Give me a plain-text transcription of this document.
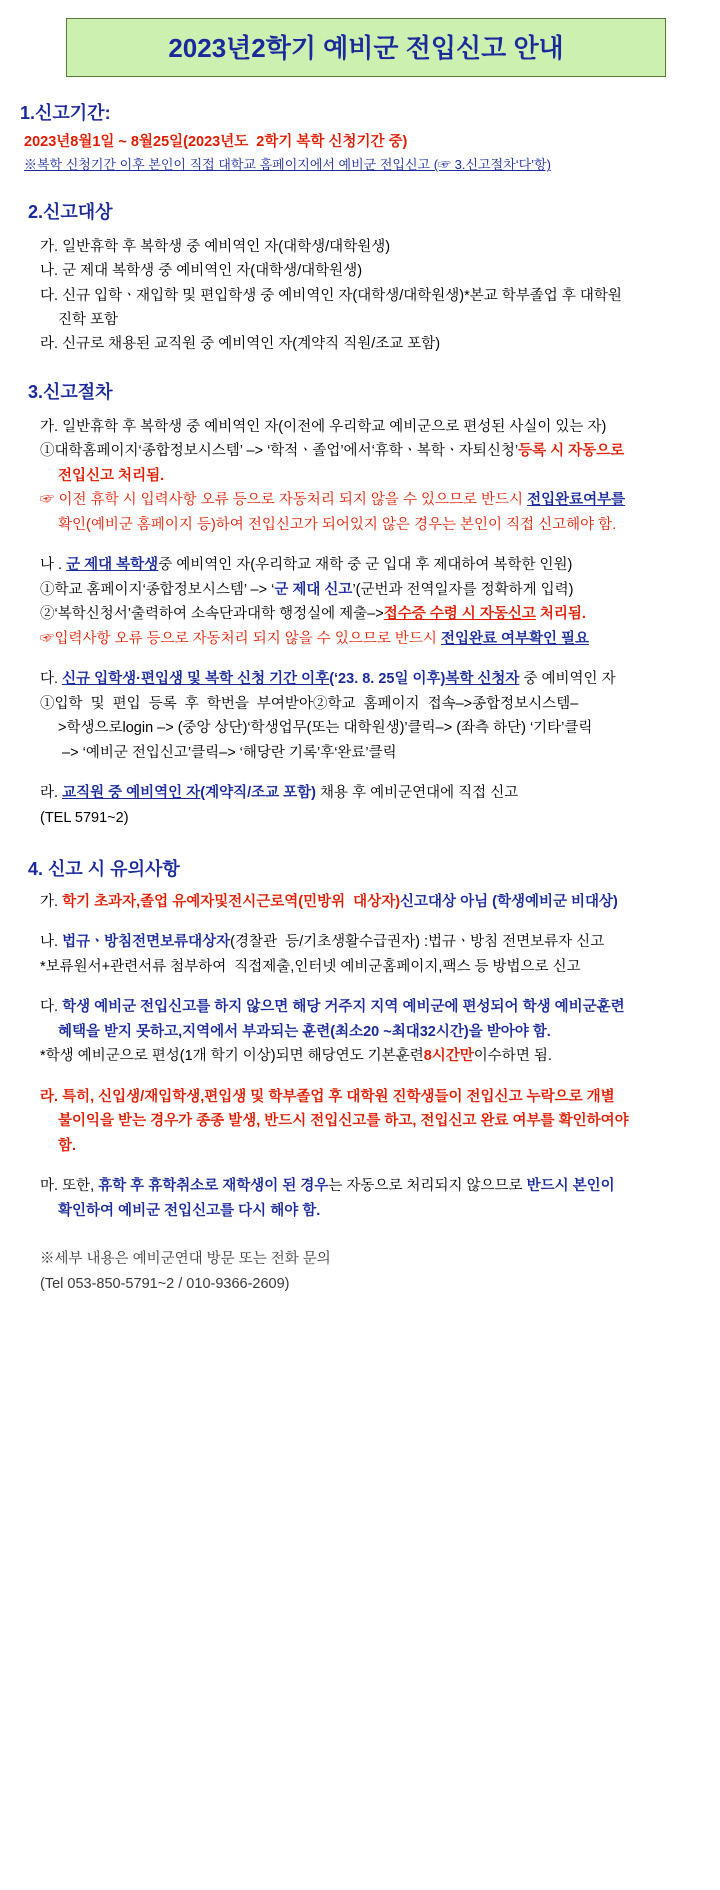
2023년2학기 예비군 전입신고 안내
1.신고기간:
2023년8월1일 ~ 8월25일(2023년도  2학기 복학 신청기간 중)
※복학 신청기간 이후 본인이 직접 대학교 홈페이지에서 예비군 전입신고 (☞ 3.신고절차‘다’항)
2.신고대상
가. 일반휴학 후 복학생 중 예비역인 자(대학생/대학원생)
나. 군 제대 복학생 중 예비역인 자(대학생/대학원생)
다. 신규 입학ㆍ재입학 및 편입학생 중 예비역인 자(대학생/대학원생)*본교 학부졸업 후 대학원
진학 포함
라. 신규로 채용된 교직원 중 예비역인 자(계약직 직원/조교 포함)
3.신고절차
가. 일반휴학 후 복학생 중 예비역인 자(이전에 우리학교 예비군으로 편성된 사실이 있는 자)
①대학홈페이지‘종합정보시스템’ –> ‘학적ㆍ졸업’에서‘휴학ㆍ복학ㆍ자퇴신청’등록 시 자동으로
전입신고 처리됨.
☞ 이전 휴학 시 입력사항 오류 등으로 자동처리 되지 않을 수 있으므로 반드시 전입완료여부를
확인(예비군 홈페이지 등)하여 전입신고가 되어있지 않은 경우는 본인이 직접 신고해야 함.
나 . 군 제대 복학생중 예비역인 자(우리학교 재학 중 군 입대 후 제대하여 복학한 인원)
①학교 홈페이지‘종합정보시스템’ –> ‘군 제대 신고’(군번과 전역일자를 정확하게 입력)
②‘복학신청서’출력하여 소속단과대학 행정실에 제출–>접수증 수령 시 자동신고 처리됨.
☞입력사항 오류 등으로 자동처리 되지 않을 수 있으므로 반드시 전입완료 여부확인 필요
다. 신규 입학생·편입생 및 복학 신청 기간 이후(‘23. 8. 25일 이후)복학 신청자 중 예비역인 자
①입학  및  편입  등록  후  학번을  부여받아②학교  홈페이지  접속–>종합정보시스템–
>학생으로login –> (중앙 상단)‘학생업무(또는 대학원생)’클릭–> (좌측 하단) ‘기타’클릭
–> ‘예비군 전입신고’클릭–> ‘해당란 기록’후‘완료’클릭
라. 교직원 중 예비역인 자(계약직/조교 포함) 채용 후 예비군연대에 직접 신고
(TEL 5791~2)
4. 신고 시 유의사항
가. 학기 초과자,졸업 유예자및전시근로역(민방위  대상자)신고대상 아님 (학생예비군 비대상)
나. 법규ㆍ방침전면보류대상자(경찰관  등/기초생활수급권자) :법규ㆍ방침 전면보류자 신고
*보류원서+관련서류 첨부하여  직접제출,인터넷 예비군홈페이지,팩스 등 방법으로 신고
다. 학생 예비군 전입신고를 하지 않으면 해당 거주지 지역 예비군에 편성되어 학생 예비군훈련
혜택을 받지 못하고,지역에서 부과되는 훈련(최소20 ~최대32시간)을 받아야 함.
*학생 예비군으로 편성(1개 학기 이상)되면 해당연도 기본훈련8시간만이수하면 됨.
라. 특히, 신입생/재입학생,편입생 및 학부졸업 후 대학원 진학생들이 전입신고 누락으로 개별
불이익을 받는 경우가 종종 발생, 반드시 전입신고를 하고, 전입신고 완료 여부를 확인하여야
함.
마. 또한, 휴학 후 휴학취소로 재학생이 된 경우는 자동으로 처리되지 않으므로 반드시 본인이
확인하여 예비군 전입신고를 다시 해야 함.
※세부 내용은 예비군연대 방문 또는 전화 문의
(Tel 053-850-5791~2 / 010-9366-2609)
